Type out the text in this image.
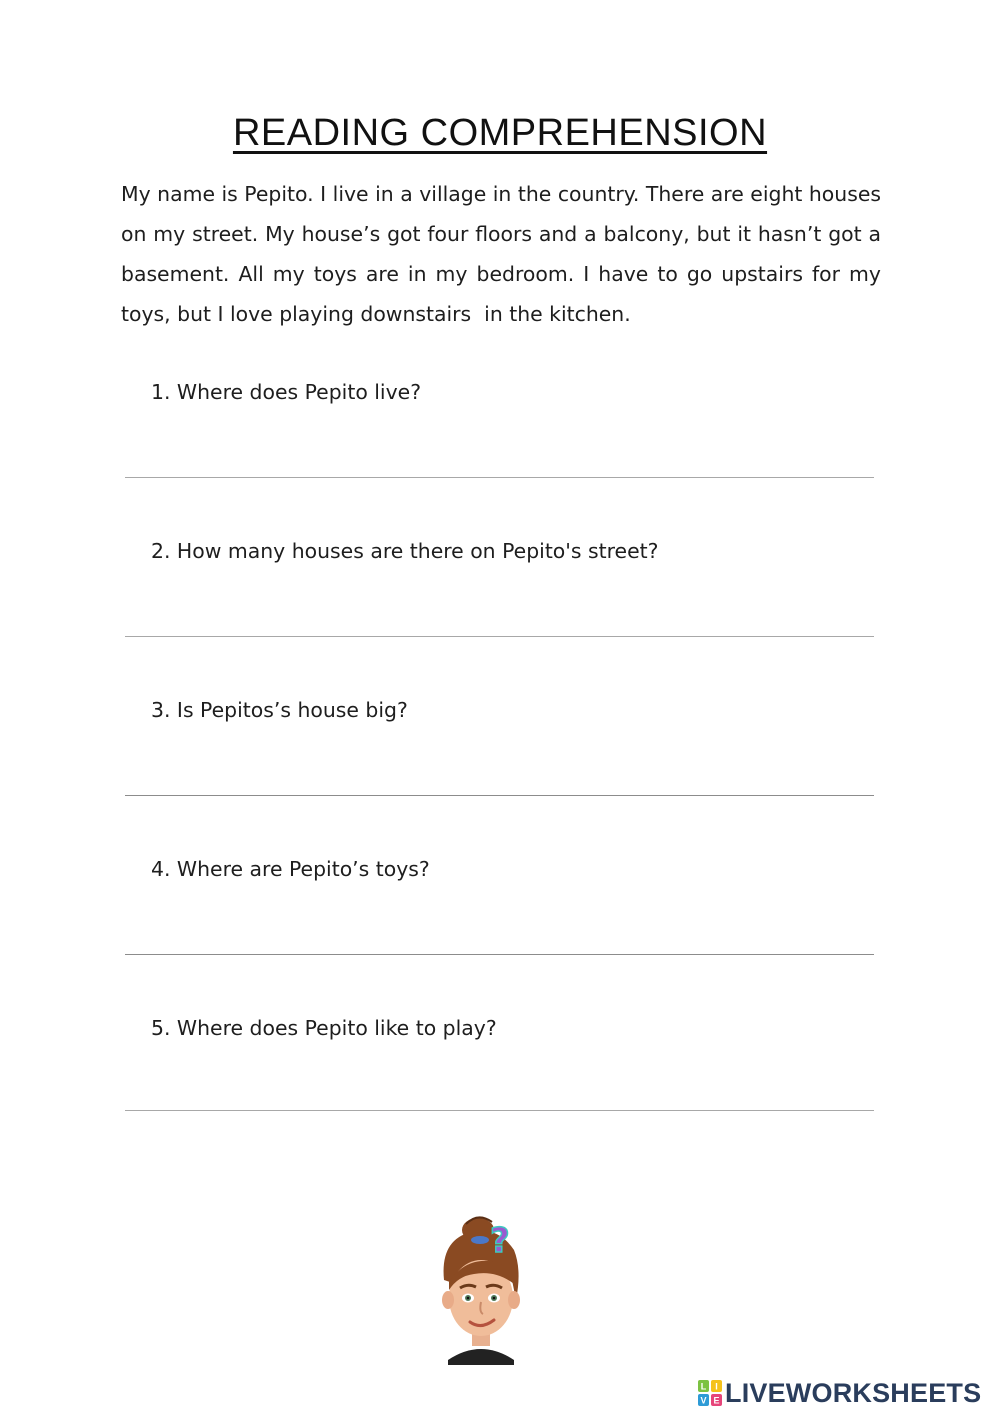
READING COMPREHENSION

My name is Pepito. I live in a village in the country. There are eight houses on my street. My house’s got four floors and a balcony, but it hasn’t got a basement. All my toys are in my bedroom. I have to go upstairs for my toys, but I love playing downstairs  in the kitchen.

1. Where does Pepito live?
2. How many houses are there on Pepito's street?
3. Is Pepitos’s house big?
4. Where are Pepito’s toys?
5. Where does Pepito like to play?
?
L I
V E LIVEWORKSHEETS
